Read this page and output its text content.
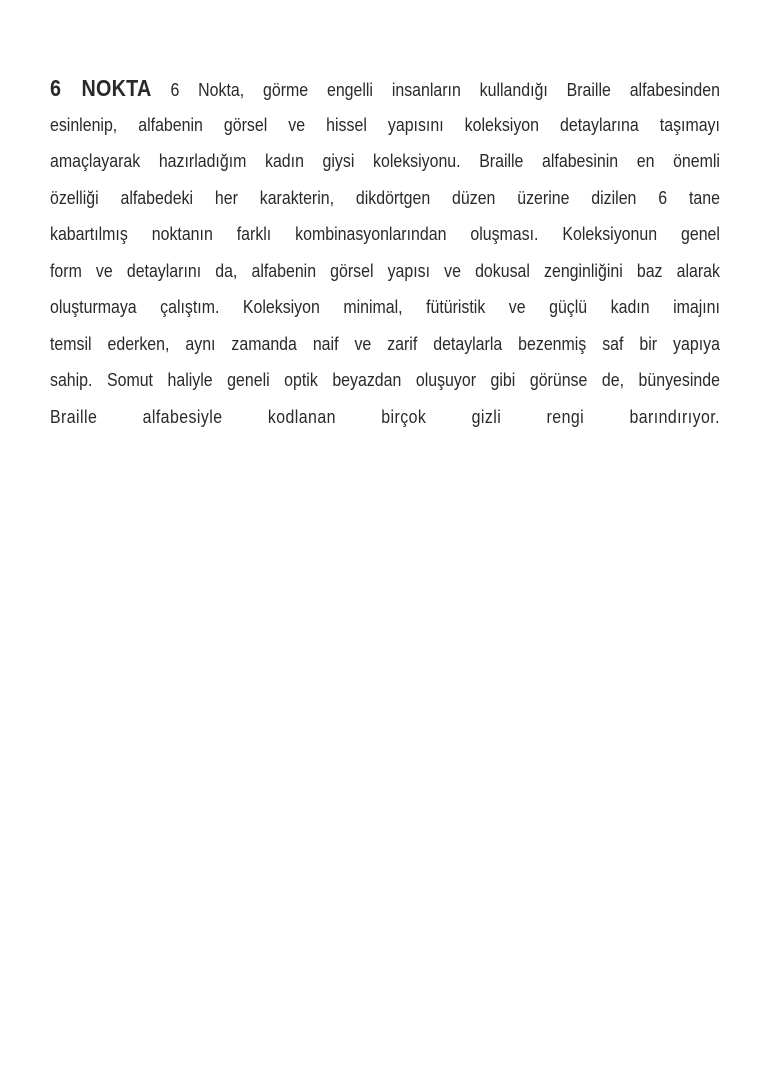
6 NOKTA 6 Nokta, görme engelli insanların kullandığı Braille alfabesinden
esinlenip, alfabenin görsel ve hissel yapısını koleksiyon detaylarına taşımayı
amaçlayarak hazırladığım kadın giysi koleksiyonu. Braille alfabesinin en önemli
özelliği alfabedeki her karakterin, dikdörtgen düzen üzerine dizilen 6 tane
kabartılmış noktanın farklı kombinasyonlarından oluşması. Koleksiyonun genel
form ve detaylarını da, alfabenin görsel yapısı ve dokusal zenginliğini baz alarak
oluşturmaya çalıştım. Koleksiyon minimal, fütüristik ve güçlü kadın imajını
temsil ederken, aynı zamanda naif ve zarif detaylarla bezenmiş saf bir yapıya
sahip. Somut haliyle geneli optik beyazdan oluşuyor gibi görünse de, bünyesinde
Braille alfabesiyle kodlanan birçok gizli rengi barındırıyor.
